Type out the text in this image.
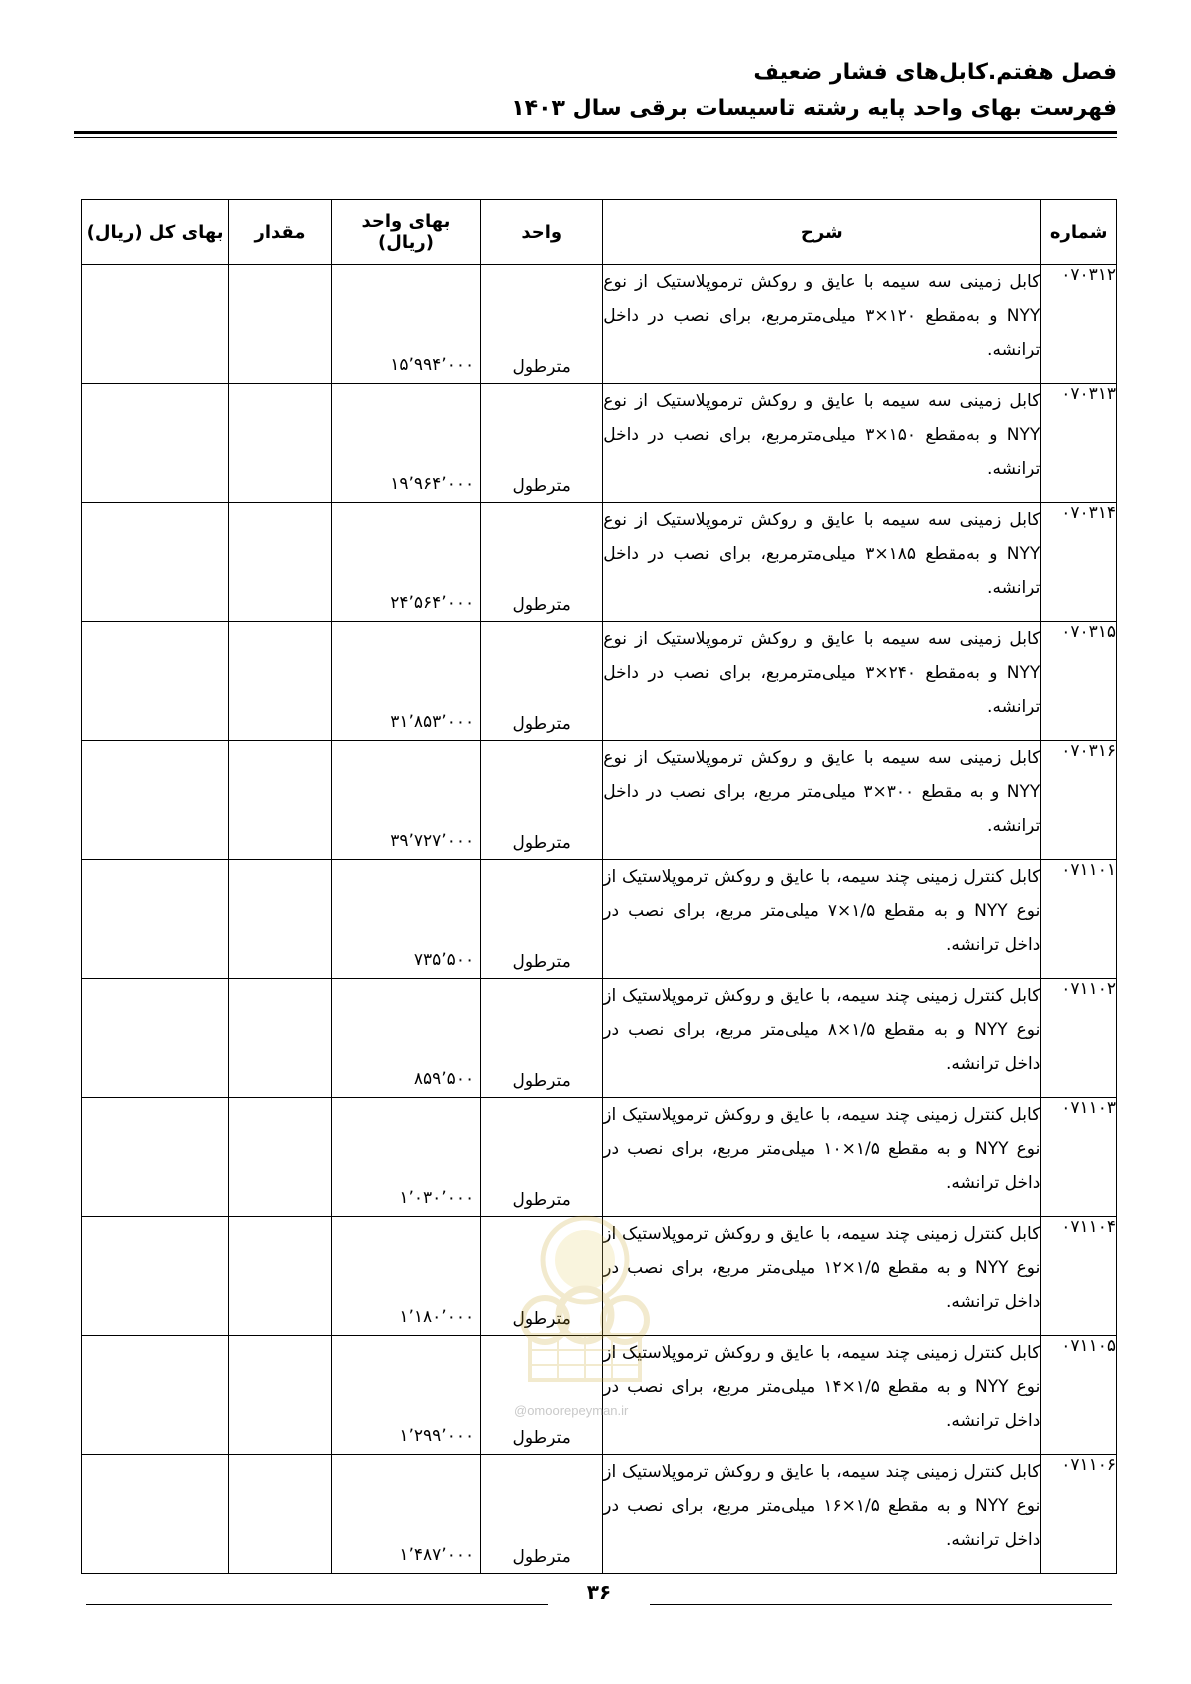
فصل هفتم.کابل‌های فشار ضعیف
فهرست بهای واحد پایه رشته تاسیسات برقی سال ۱۴۰۳
شماره	شرح	واحد	بهای واحد (ریال)	مقدار	بهای کل (ریال)
۰۷۰۳۱۲	کابل زمینی سه سیمه با عایق و روکش ترموپلاستیک از نوع NYY و به‌مقطع ۱۲۰×۳ میلی‌مترمربع، برای نصب در داخل ترانشه.	مترطول	۱۵٬۹۹۴٬۰۰۰		
۰۷۰۳۱۳	کابل زمینی سه سیمه با عایق و روکش ترموپلاستیک از نوع NYY و به‌مقطع ۱۵۰×۳ میلی‌مترمربع، برای نصب در داخل ترانشه.	مترطول	۱۹٬۹۶۴٬۰۰۰		
۰۷۰۳۱۴	کابل زمینی سه سیمه با عایق و روکش ترموپلاستیک از نوع NYY و به‌مقطع ۱۸۵×۳ میلی‌مترمربع، برای نصب در داخل ترانشه.	مترطول	۲۴٬۵۶۴٬۰۰۰		
۰۷۰۳۱۵	کابل زمینی سه سیمه با عایق و روکش ترموپلاستیک از نوع NYY و به‌مقطع ۲۴۰×۳ میلی‌مترمربع، برای نصب در داخل ترانشه.	مترطول	۳۱٬۸۵۳٬۰۰۰		
۰۷۰۳۱۶	کابل زمینی سه سیمه با عایق و روکش ترموپلاستیک از نوع NYY و به مقطع ۳۰۰×۳ میلی‌متر مربع، برای نصب در داخل ترانشه.	مترطول	۳۹٬۷۲۷٬۰۰۰		
۰۷۱۱۰۱	کابل کنترل زمینی چند سیمه، با عایق و روکش ترموپلاستیک از نوع NYY و به مقطع ۱/۵×۷ میلی‌متر مربع، برای نصب در داخل ترانشه.	مترطول	۷۳۵٬۵۰۰		
۰۷۱۱۰۲	کابل کنترل زمینی چند سیمه، با عایق و روکش ترموپلاستیک از نوع NYY و به مقطع ۱/۵×۸ میلی‌متر مربع، برای نصب در داخل ترانشه.	مترطول	۸۵۹٬۵۰۰		
۰۷۱۱۰۳	کابل کنترل زمینی چند سیمه، با عایق و روکش ترموپلاستیک از نوع NYY و به مقطع ۱/۵×۱۰ میلی‌متر مربع، برای نصب در داخل ترانشه.	مترطول	۱٬۰۳۰٬۰۰۰		
۰۷۱۱۰۴	کابل کنترل زمینی چند سیمه، با عایق و روکش ترموپلاستیک از نوع NYY و به مقطع ۱/۵×۱۲ میلی‌متر مربع، برای نصب در داخل ترانشه.	مترطول	۱٬۱۸۰٬۰۰۰		
۰۷۱۱۰۵	کابل کنترل زمینی چند سیمه، با عایق و روکش ترموپلاستیک از نوع NYY و به مقطع ۱/۵×۱۴ میلی‌متر مربع، برای نصب در داخل ترانشه.	مترطول	۱٬۲۹۹٬۰۰۰		
۰۷۱۱۰۶	کابل کنترل زمینی چند سیمه، با عایق و روکش ترموپلاستیک از نوع NYY و به مقطع ۱/۵×۱۶ میلی‌متر مربع، برای نصب در داخل ترانشه.	مترطول	۱٬۴۸۷٬۰۰۰		
@omoorepeyman.ir
۳۶
